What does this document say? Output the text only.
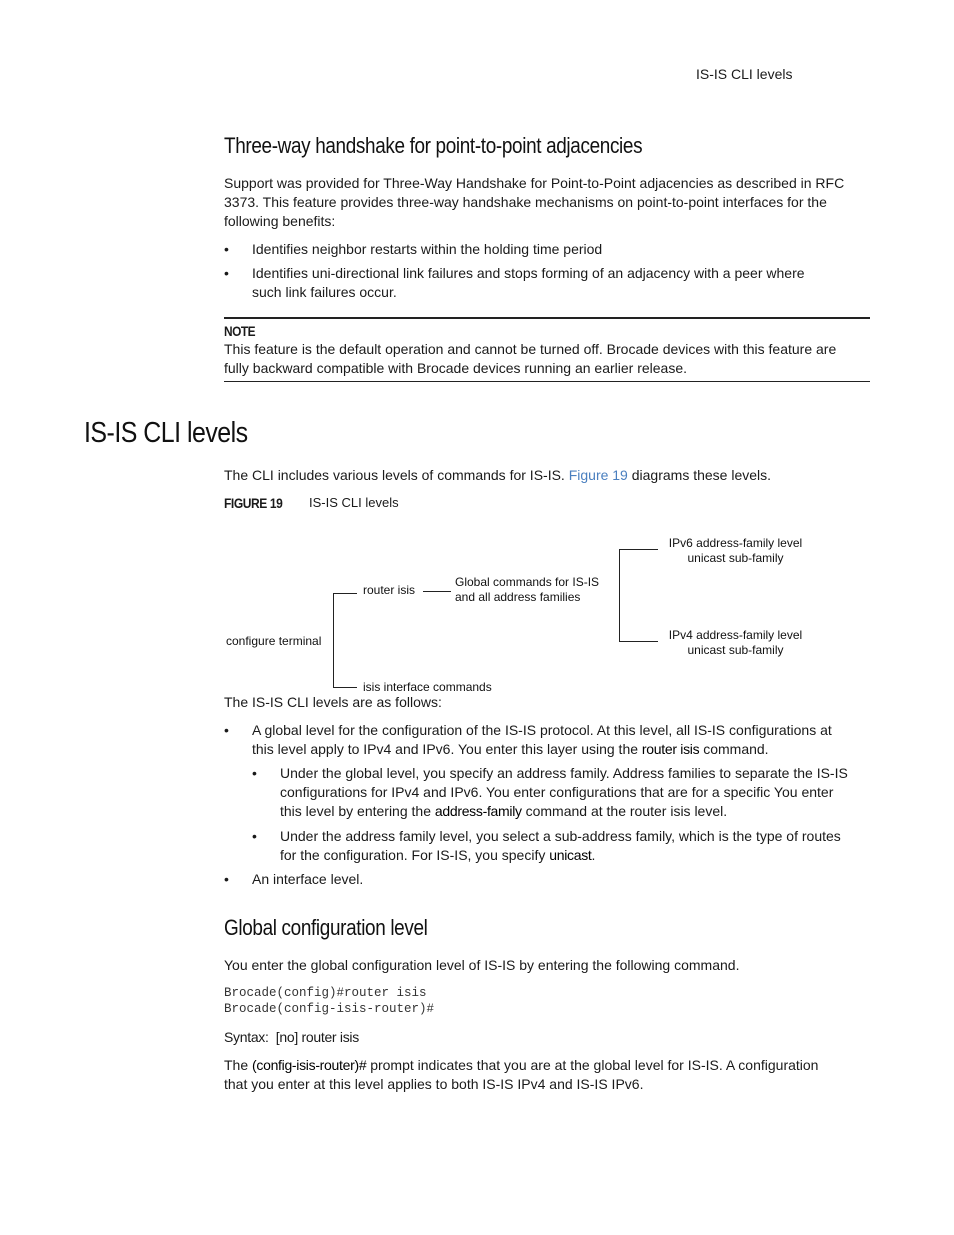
IS-IS CLI levels
Three-way handshake for point-to-point adjacencies
Support was provided for Three-Way Handshake for Point-to-Point adjacencies as described in RFC
3373. This feature provides three-way handshake mechanisms on point-to-point interfaces for the
following benefits:
• Identifies neighbor restarts within the holding time period
• Identifies uni-directional link failures and stops forming of an adjacency with a peer where
such link failures occur.
NOTE
This feature is the default operation and cannot be turned off. Brocade devices with this feature are
fully backward compatible with Brocade devices running an earlier release.
IS-IS CLI levels
The CLI includes various levels of commands for IS-IS. Figure 19 diagrams these levels.
FIGURE 19 IS-IS CLI levels
configure terminal
router isis
Global commands for IS-IS
and all address families
IPv6 address-family level
unicast sub-family
IPv4 address-family level
unicast sub-family
isis interface commands
The IS-IS CLI levels are as follows:
• A global level for the configuration of the IS-IS protocol. At this level, all IS-IS configurations at
this level apply to IPv4 and IPv6. You enter this layer using the router isis command.
• Under the global level, you specify an address family. Address families to separate the IS-IS
configurations for IPv4 and IPv6. You enter configurations that are for a specific You enter
this level by entering the address-family command at the router isis level.
• Under the address family level, you select a sub-address family, which is the type of routes
for the configuration. For IS-IS, you specify unicast.
• An interface level.
Global configuration level
You enter the global configuration level of IS-IS by entering the following command.
Brocade(config)#router isis
Brocade(config-isis-router)#
Syntax: [no] router isis
The (config-isis-router)# prompt indicates that you are at the global level for IS-IS. A configuration
that you enter at this level applies to both IS-IS IPv4 and IS-IS IPv6.
